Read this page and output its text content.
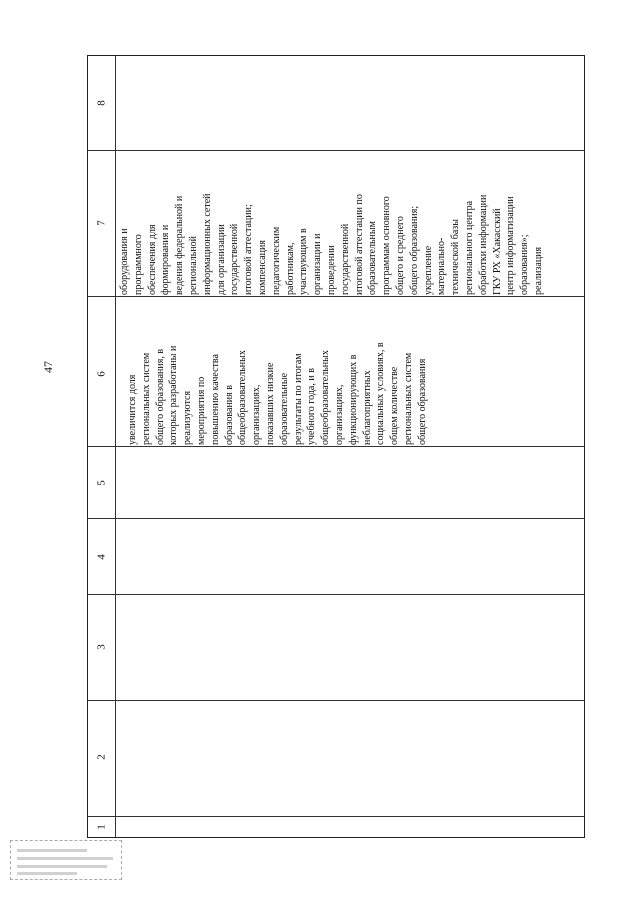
47
8
7
6
5
4
3
2
1
оборудования и
программного
обеспечения для
формирования и
ведения федеральной и
региональной
информационных сетей
для организации
государственной
итоговой аттестации;
компенсация
педагогическим
работникам,
участвующим в
организации и
проведении
государственной
итоговой аттестации по
образовательным
программам основного
общего и среднего
общего образования;
укрепление
материально-
технической базы
регионального центра
обработки информации
ГКУ РХ «Хакасский
центр информатизации
образования»;
реализация
увеличится доля
региональных систем
общего образования, в
которых разработаны и
реализуются
мероприятия по
повышению качества
образования в
общеобразовательных
организациях,
показавших низкие
образовательные
результаты по итогам
учебного года, и в
общеобразовательных
организациях,
функционирующих в
неблагоприятных
социальных условиях, в
общем количестве
региональных систем
общего образования
